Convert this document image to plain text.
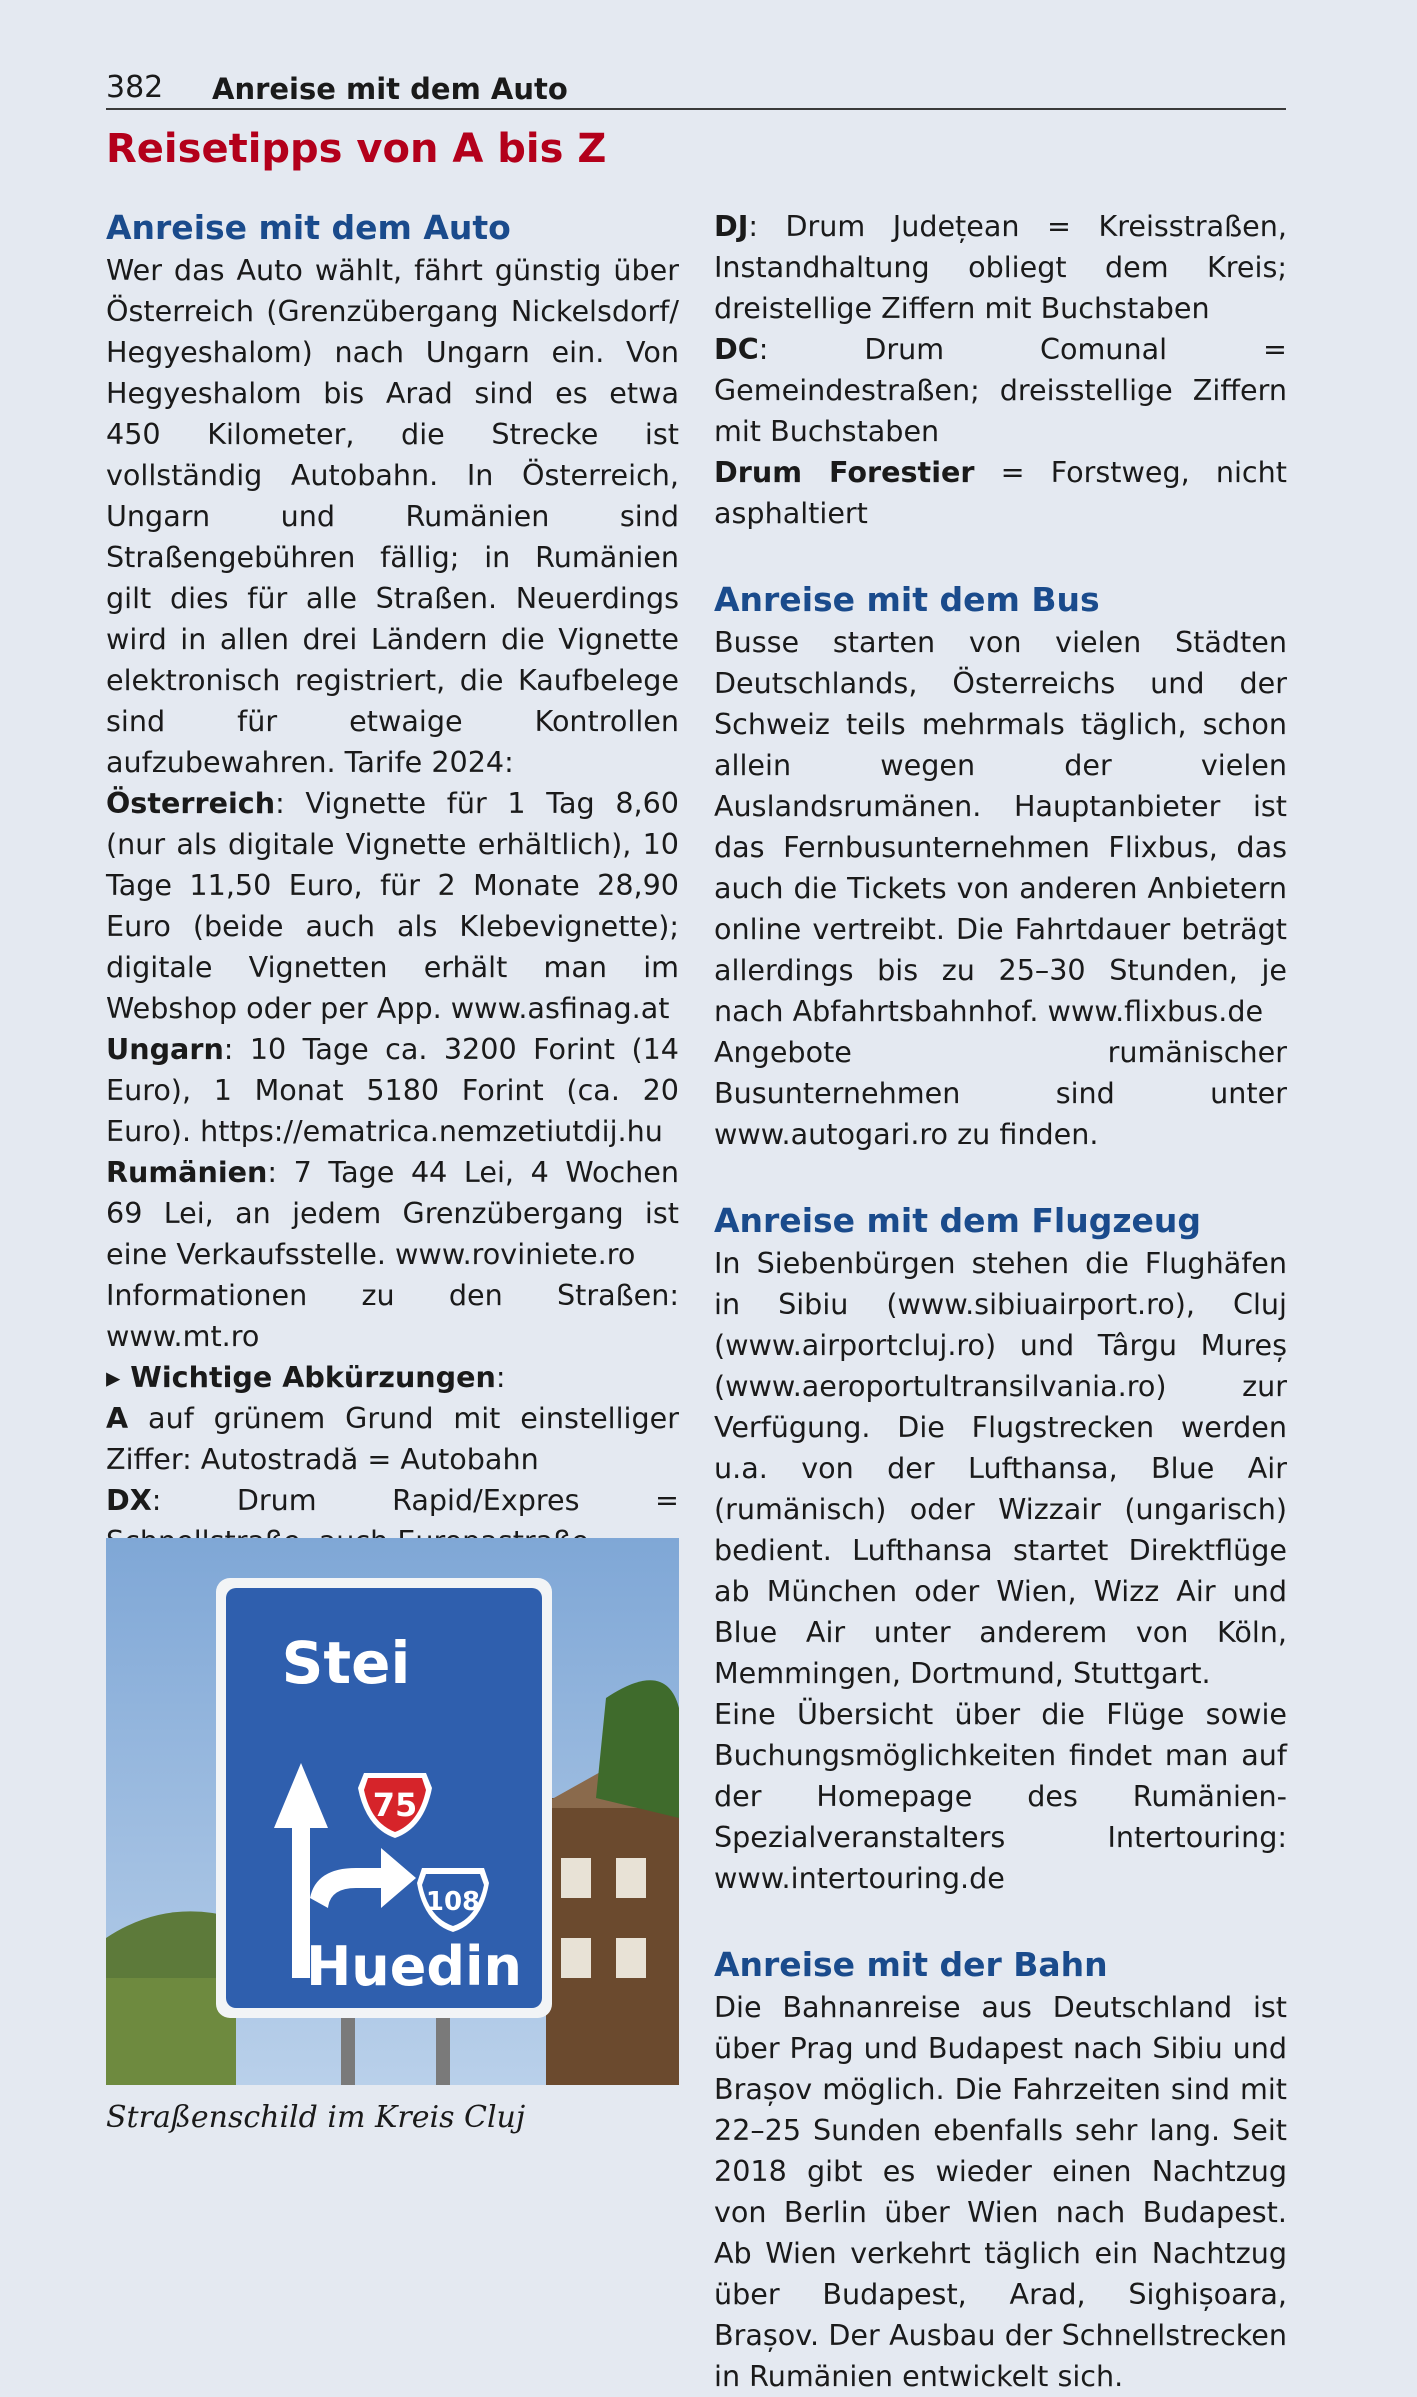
382 Anreise mit dem Auto
Reisetipps von A bis Z
Anreise mit dem Auto

Wer das Auto wählt, fährt günstig über Österreich (Grenzübergang Nickelsdorf/ Hegyeshalom) nach Ungarn ein. Von Hegyeshalom bis Arad sind es etwa 450 Kilometer, die Strecke ist vollständig Autobahn. In Österreich, Ungarn und Rumänien sind Straßengebühren fällig; in Rumänien gilt dies für alle Straßen. Neuerdings wird in allen drei Ländern die Vignette elektronisch registriert, die Kaufbelege sind für etwaige Kontrollen aufzubewahren. Tarife 2024:

Österreich: Vignette für 1 Tag 8,60 (nur als digitale Vignette erhältlich), 10 Tage 11,50 Euro, für 2 Monate 28,90 Euro (beide auch als Klebevignette); digitale Vignetten erhält man im Webshop oder per App. www.asfinag.at

Ungarn: 10 Tage ca. 3200 Forint (14 Euro), 1 Monat 5180 Forint (ca. 20 Euro). https://ematrica.nemzetiutdij.hu

Rumänien: 7 Tage 44 Lei, 4 Wochen 69 Lei, an jedem Grenzübergang ist eine Verkaufsstelle. www.roviniete.ro

Informationen zu den Straßen: www.mt.ro

▸ Wichtige Abkürzungen:

A auf grünem Grund mit einstelliger Ziffer: Autostradă = Autobahn

DX: Drum Rapid/Expres =

Stei
75
108
Huedin
Straßenschild im Kreis Cluj

DJ: Drum Județean = Kreisstraßen, Instandhaltung obliegt dem Kreis; dreistellige Ziffern mit Buchstaben

DC: Drum Comunal = Gemeindestraßen; dreisstellige Ziffern mit Buchstaben

Drum Forestier = Forstweg, nicht asphaltiert

Anreise mit dem Bus

Busse starten von vielen Städten Deutschlands, Österreichs und der Schweiz teils mehrmals täglich, schon allein wegen der vielen Auslandsrumänen. Hauptanbieter ist das Fernbusunternehmen Flixbus, das auch die Tickets von anderen Anbietern online vertreibt. Die Fahrtdauer beträgt allerdings bis zu 25–30 Stunden, je nach Abfahrtsbahnhof. www.flixbus.de

Angebote rumänischer Busunternehmen sind unter www.autogari.ro zu finden.

Anreise mit dem Flugzeug

In Siebenbürgen stehen die Flughäfen in Sibiu (www.sibiuairport.ro), Cluj (www.airportcluj.ro) und Târgu Mureș (www.aeroportultransilvania.ro) zur Verfügung. Die Flugstrecken werden u.a. von der Lufthansa, Blue Air (rumänisch) oder Wizzair (ungarisch) bedient. Lufthansa startet Direktflüge ab München oder Wien, Wizz Air und Blue Air unter anderem von Köln, Memmingen, Dortmund, Stuttgart.

Eine Übersicht über die Flüge sowie Buchungsmöglichkeiten findet man auf der Homepage des Rumänien-Spezialveranstalters Intertouring: www.intertouring.de

Anreise mit der Bahn

Die Bahnanreise aus Deutschland ist über Prag und Budapest nach Sibiu und Brașov möglich. Die Fahrzeiten sind mit 22–25 Sunden ebenfalls sehr lang. Seit 2018 gibt es wieder einen Nachtzug von Berlin über Wien nach Budapest. Ab Wien verkehrt täglich ein Nachtzug über Budapest, Arad, Sighișoara, Brașov. Der Ausbau der Schnellstrecken in Rumänien entwickelt sich.
